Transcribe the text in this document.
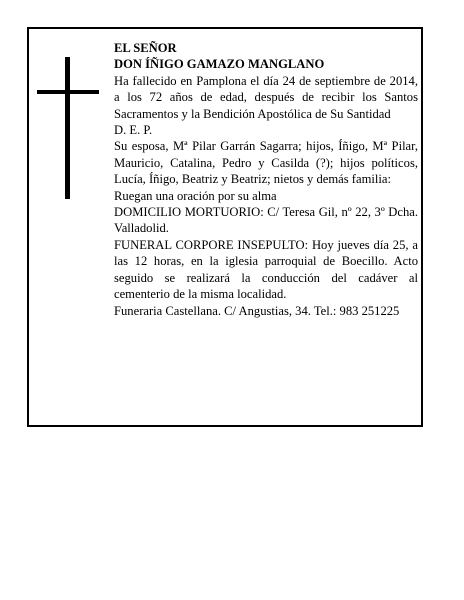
EL SEÑOR

DON ÍÑIGO GAMAZO MANGLANO

Ha fallecido en Pamplona el día 24 de septiembre de 2014, a los 72 años de edad, después de recibir los Santos Sacramentos y la Bendición Apostólica de Su Santidad

D. E. P.

Su esposa, Mª Pilar Garrán Sagarra; hijos, Íñigo, Mª Pilar, Mauricio, Catalina, Pedro y Casilda (?); hijos políticos, Lucía, Íñigo, Beatriz y Beatriz; nietos y demás familia:

Ruegan una oración por su alma

DOMICILIO MORTUORIO: C/ Teresa Gil, nº 22, 3º Dcha. Valladolid.

FUNERAL CORPORE INSEPULTO: Hoy jueves día 25, a las 12 horas, en la iglesia parroquial de Boecillo. Acto seguido se realizará la conducción del cadáver al cementerio de la misma localidad.

Funeraria Castellana. C/ Angustias, 34. Tel.: 983 251225
